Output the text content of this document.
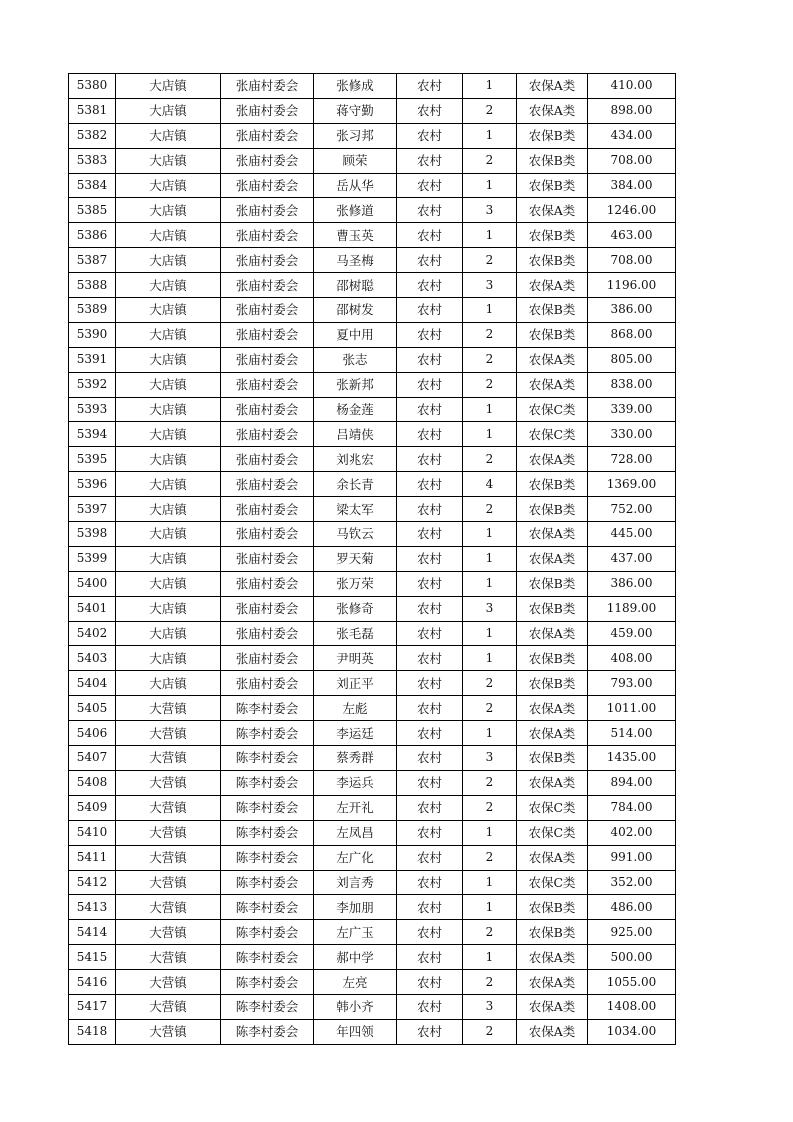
5380	大店镇	张庙村委会	张修成	农村	1	农保A类	410.00
5381	大店镇	张庙村委会	蒋守勤	农村	2	农保A类	898.00
5382	大店镇	张庙村委会	张习邦	农村	1	农保B类	434.00
5383	大店镇	张庙村委会	顾荣	农村	2	农保B类	708.00
5384	大店镇	张庙村委会	岳从华	农村	1	农保B类	384.00
5385	大店镇	张庙村委会	张修道	农村	3	农保A类	1246.00
5386	大店镇	张庙村委会	曹玉英	农村	1	农保B类	463.00
5387	大店镇	张庙村委会	马圣梅	农村	2	农保B类	708.00
5388	大店镇	张庙村委会	邵树聪	农村	3	农保A类	1196.00
5389	大店镇	张庙村委会	邵树发	农村	1	农保B类	386.00
5390	大店镇	张庙村委会	夏中用	农村	2	农保B类	868.00
5391	大店镇	张庙村委会	张志	农村	2	农保A类	805.00
5392	大店镇	张庙村委会	张新邦	农村	2	农保A类	838.00
5393	大店镇	张庙村委会	杨金莲	农村	1	农保C类	339.00
5394	大店镇	张庙村委会	吕靖侠	农村	1	农保C类	330.00
5395	大店镇	张庙村委会	刘兆宏	农村	2	农保A类	728.00
5396	大店镇	张庙村委会	余长青	农村	4	农保B类	1369.00
5397	大店镇	张庙村委会	梁太军	农村	2	农保B类	752.00
5398	大店镇	张庙村委会	马钦云	农村	1	农保A类	445.00
5399	大店镇	张庙村委会	罗天菊	农村	1	农保A类	437.00
5400	大店镇	张庙村委会	张万荣	农村	1	农保B类	386.00
5401	大店镇	张庙村委会	张修奇	农村	3	农保B类	1189.00
5402	大店镇	张庙村委会	张毛磊	农村	1	农保A类	459.00
5403	大店镇	张庙村委会	尹明英	农村	1	农保B类	408.00
5404	大店镇	张庙村委会	刘正平	农村	2	农保B类	793.00
5405	大营镇	陈李村委会	左彪	农村	2	农保A类	1011.00
5406	大营镇	陈李村委会	李运廷	农村	1	农保A类	514.00
5407	大营镇	陈李村委会	蔡秀群	农村	3	农保B类	1435.00
5408	大营镇	陈李村委会	李运兵	农村	2	农保A类	894.00
5409	大营镇	陈李村委会	左开礼	农村	2	农保C类	784.00
5410	大营镇	陈李村委会	左凤昌	农村	1	农保C类	402.00
5411	大营镇	陈李村委会	左广化	农村	2	农保A类	991.00
5412	大营镇	陈李村委会	刘言秀	农村	1	农保C类	352.00
5413	大营镇	陈李村委会	李加朋	农村	1	农保B类	486.00
5414	大营镇	陈李村委会	左广玉	农村	2	农保B类	925.00
5415	大营镇	陈李村委会	郝中学	农村	1	农保A类	500.00
5416	大营镇	陈李村委会	左亮	农村	2	农保A类	1055.00
5417	大营镇	陈李村委会	韩小齐	农村	3	农保A类	1408.00
5418	大营镇	陈李村委会	年四领	农村	2	农保A类	1034.00
